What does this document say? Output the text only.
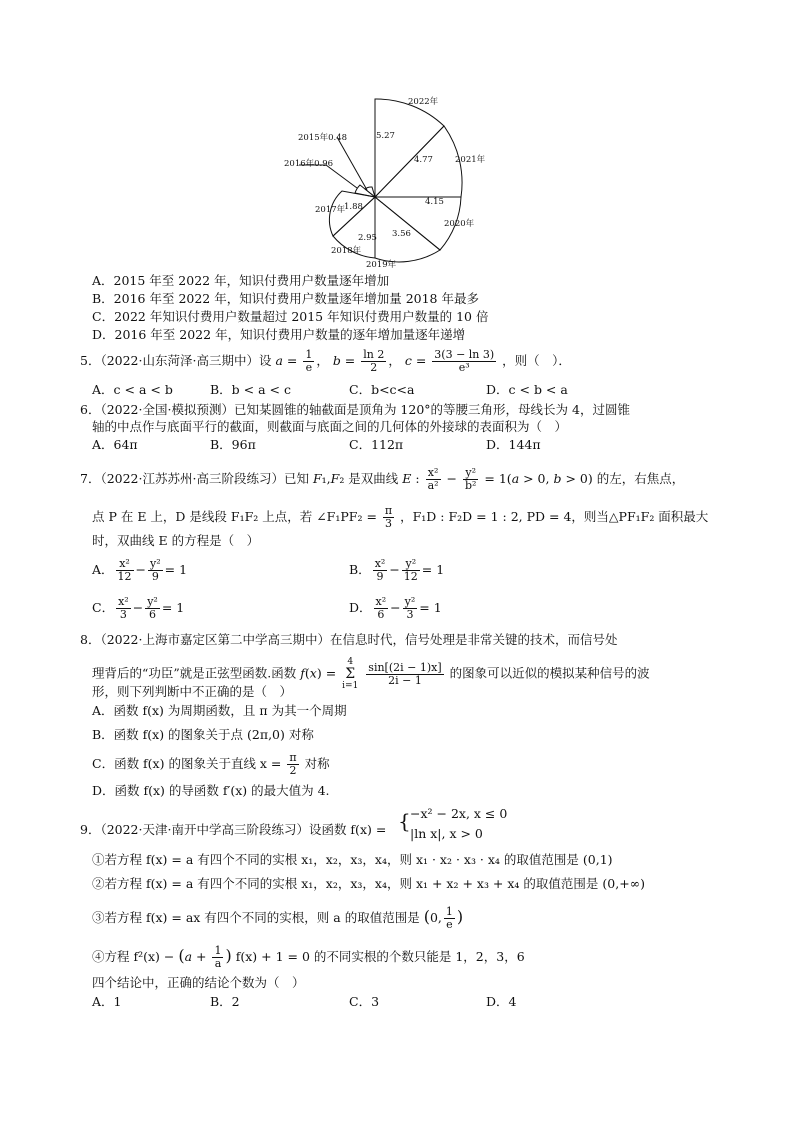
2022年
2021年
2020年
2019年
2018年
2017年
2016年0.96
2015年0.48	5.27
4.77
4.15
3.56
2.95
1.88
A．2015 年至 2022 年，知识付费用户数量逐年增加
B．2016 年至 2022 年，知识付费用户数量逐年增加量 2018 年最多
C．2022 年知识付费用户数量超过 2015 年知识付费用户数量的 10 倍
D．2016 年至 2022 年，知识付费用户数量的逐年增加量逐年递增
5．（2022·山东菏泽·高三期中）设 $a = \frac{1}{e}$ ， $b = \frac{\ln 2}{2}$ ， $c = \frac{3(3 - \ln 3)}{\text{e³}}$ ，则（　）．
A．c < a < b	B．b < a < c	C．b<c<a	D．c < b < a
6．（2022·全国·模拟预测）已知某圆锥的轴截面是顶角为 120°的等腰三角形，母线长为 4，过圆锥
轴的中点作与底面平行的截面，则截面与底面之间的几何体的外接球的表面积为（　）
A．64π	B．96π	C．112π	D．144π
7．（2022·江苏苏州·高三阶段练习）已知 F₁,F₂ 是双曲线 E : $\frac{\text{x²}}{\text{a²}} - \frac{\text{y²}}{\text{b²}} = 1(a > 0$, b > 0) 的左，右焦点，
点 P 在 E 上，D 是线段 F₁F₂ 上点，若 ∠F₁PF₂ = $\frac{\pi}{3}$ ，F₁D : F₂D = 1 : 2, PD = 4，则当△PF₁F₂ 面积最大
时，双曲线 E 的方程是（　）
A． $\frac{\text{x²}}{12} - \frac{\text{y²}}{9} = 1$	B． $\frac{\text{x²}}{9} - \frac{\text{y²}}{12} = 1$
C． $\frac{\text{x²}}{3} - \frac{\text{y²}}{6} = 1$	D． $\frac{\text{x²}}{6} - \frac{\text{y²}}{3} = 1$
8．（2022·上海市嘉定区第二中学高三期中）在信息时代，信号处理是非常关键的技术，而信号处
理背后的“功臣”就是正弦型函数.函数 f(x) =
4
Σ
i=1
$\frac{\sin[(2i - 1)x]}{2i - 1}$ 的图象可以近似的模拟某种信号的波
形，则下列判断中不正确的是（　）
A．函数 f(x) 为周期函数，且 π 为其一个周期
B．函数 f(x) 的图象关于点 (2π,0) 对称
C．函数 f(x) 的图象关于直线 $x = \frac{\pi}{2}$ 对称
D．函数 f(x) 的导函数 f′(x) 的最大值为 4.
9．（2022·天津·南开中学高三阶段练习）设函数 f(x) = { −x² − 2x, x ≤ 0
|ln x|, x > 0
①若方程 f(x) = a 有四个不同的实根 x₁，x₂，x₃，x₄，则 x₁ · x₂ · x₃ · x₄ 的取值范围是 (0,1)
②若方程 f(x) = a 有四个不同的实根 x₁，x₂，x₃，x₄，则 x₁ + x₂ + x₃ + x₄ 的取值范围是 (0,+∞)
③若方程 f(x) = ax 有四个不同的实根，则 a 的取值范围是 (0, $\frac{1}{e}$ )
④方程 $f^2(x) - (a + \frac{1}{a}$ ) f(x) + 1 = 0 的不同实根的个数只能是 1，2，3，6
四个结论中，正确的结论个数为（　）
A．1	B．2	C．3	D．4
